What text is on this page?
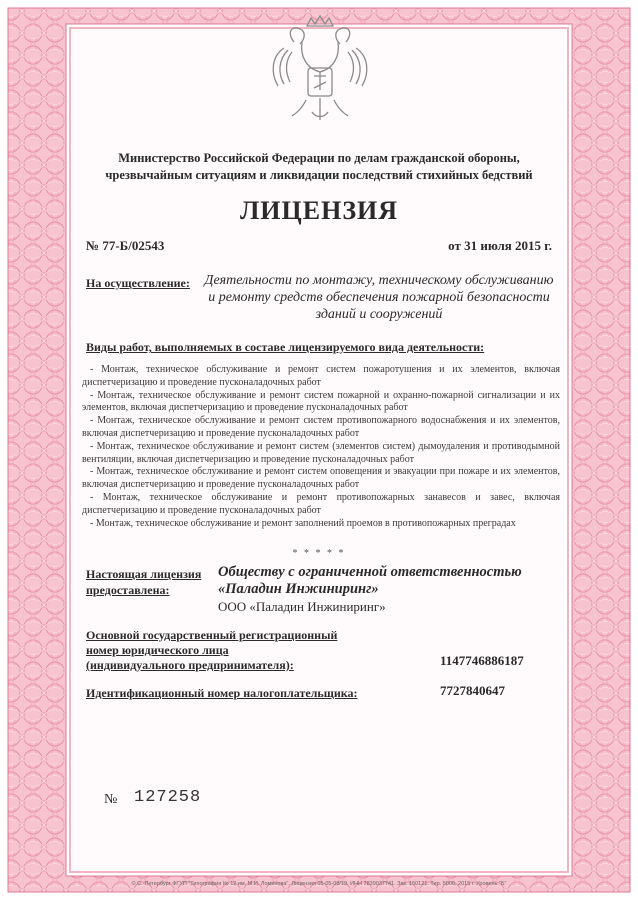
Министерство Российской Федерации по делам гражданской обороны,
чрезвычайным ситуациям и ликвидации последствий стихийных бедствий
ЛИЦЕНЗИЯ
№ 77-Б/02543	от 31 июля 2015 г.
На осуществление: Деятельности по монтажу, техническому обслуживанию и ремонту средств обеспечения пожарной безопасности зданий и сооружений
Виды работ, выполняемых в составе лицензируемого вида деятельности:
- Монтаж, техническое обслуживание и ремонт систем пожаротушения и их элементов, включая диспетчеризацию и проведение пусконаладочных работ
- Монтаж, техническое обслуживание и ремонт систем пожарной и охранно-пожарной сигнализации и их элементов, включая диспетчеризацию и проведение пусконаладочных работ
- Монтаж, техническое обслуживание и ремонт систем противопожарного водоснабжения и их элементов, включая диспетчеризацию и проведение пусконаладочных работ
- Монтаж, техническое обслуживание и ремонт систем (элементов систем) дымоудаления и противодымной вентиляции, включая диспетчеризацию и проведение пусконаладочных работ
- Монтаж, техническое обслуживание и ремонт систем оповещения и эвакуации при пожаре и их элементов, включая диспетчеризацию и проведение пусконаладочных работ
- Монтаж, техническое обслуживание и ремонт противопожарных занавесов и завес, включая диспетчеризацию и проведение пусконаладочных работ
- Монтаж, техническое обслуживание и ремонт заполнений проемов в противопожарных преградах
* * * * *
Настоящая лицензия
предоставлена:
Обществу с ограниченной ответственностью
«Паладин Инжиниринг»
ООО «Паладин Инжиниринг»
Основной государственный регистрационный
номер юридического лица
(индивидуального предпринимателя):	1147746886187
Идентификационный номер налогоплательщика:	7727840647
№ 127258
© С.-Петербург ФГУП "Типография № 12 им. М.И. Ломинова". Лицензия 05-05-08/19. ИНН 7839037741. Зак. 150121. Тир. 5000. 2015 г. Уровень "Б"
